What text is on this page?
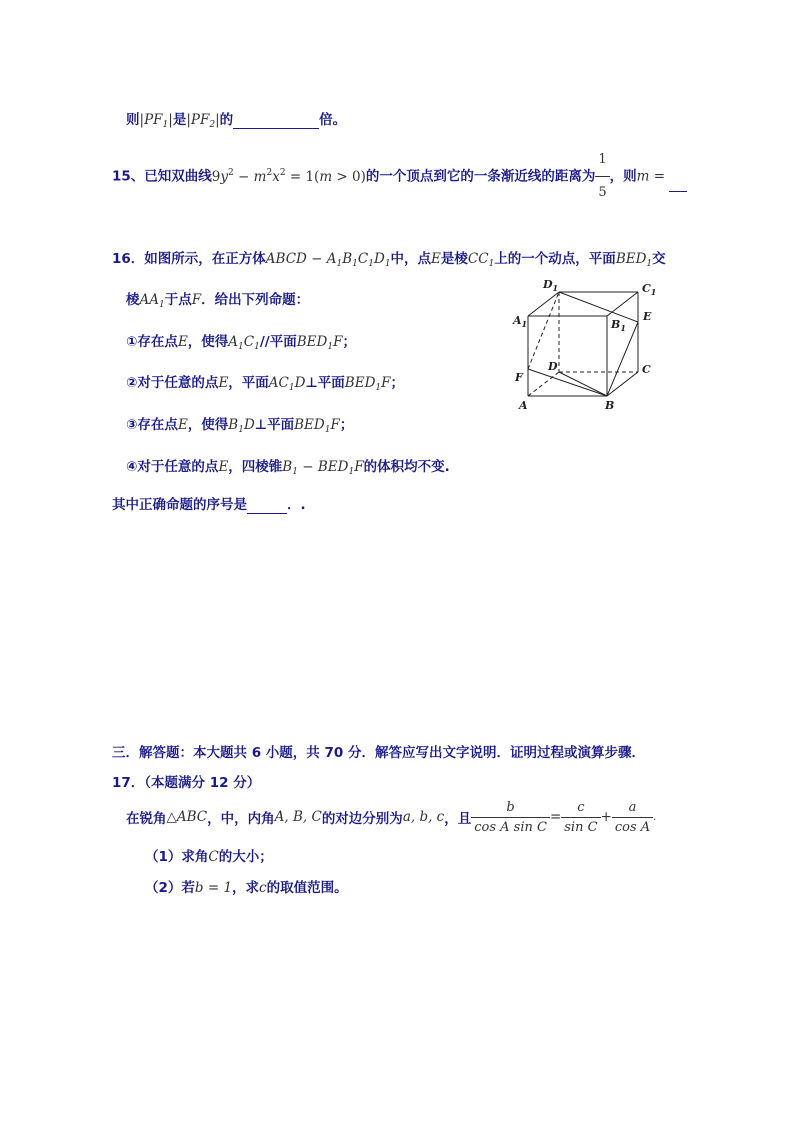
则$|PF_1|$是$|PF_2|$的	倍。
15、已知双曲线$9y^2 - m^2x^2 = 1(m > 0)$的一个顶点到它的一条渐近线的距离为 $\frac{1}{5}$ ，则m =
16．如图所示，在正方体ABCD − $A_1B_1C_1D_1$中，点E是棱$CC_1$上的一个动点，平面$BED_1$交
棱$AA_1$于点F．给出下列命题：
①存在点E，使得$A_1C_1//$平面$BED_1F$；
②对于任意的点E，平面$AC_1D\perp$平面$BED_1F$；
③存在点E，使得$B_1D\perp$平面$BED_1F$；
④对于任意的点E，四棱锥$B_1 - BED_1F$的体积均不变.
其中正确命题的序号是	．.
$D_1$	$C_1$
$A_1$	$B_1$
E
F
D	C
A	B
三．解答题：本大题共 6 小题，共 70 分．解答应写出文字说明．证明过程或演算步骤．
17．（本题满分 12 分）
在锐角 △ABC ，中，内角 A, B, C 的对边分别为 a, b, c ，且 $\frac{b}{\text{cos A sin C}} = \frac{c}{\text{sin C}} + \frac{a}{\text{cos A}}$ .
（1）求角C的大小；
（2）若b = 1，求c的取值范围。
